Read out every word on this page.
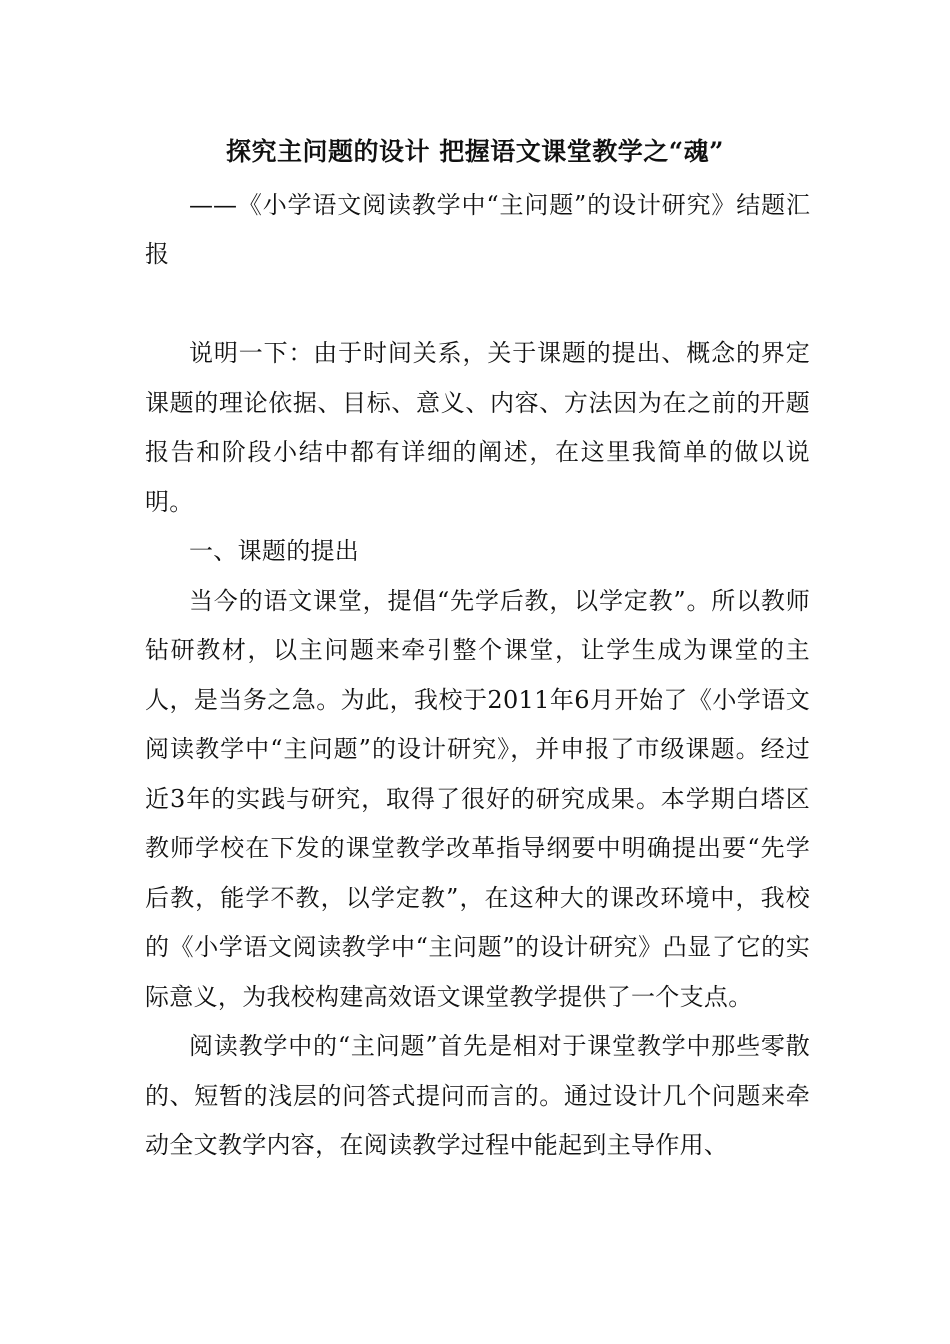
探究主问题的设计 把握语文课堂教学之“魂”
——《小学语文阅读教学中“主问题”的设计研究》结题汇报

说明一下：由于时间关系，关于课题的提出、概念的界定课题的理论依据、目标、意义、内容、方法因为在之前的开题报告和阶段小结中都有详细的阐述，在这里我简单的做以说明。

一、课题的提出

当今的语文课堂，提倡“先学后教，以学定教”。所以教师钻研教材，以主问题来牵引整个课堂，让学生成为课堂的主人，是当务之急。为此，我校于2011年6月开始了《小学语文阅读教学中“主问题”的设计研究》，并申报了市级课题。经过近3年的实践与研究，取得了很好的研究成果。本学期白塔区教师学校在下发的课堂教学改革指导纲要中明确提出要“先学后教，能学不教，以学定教”，在这种大的课改环境中，我校的《小学语文阅读教学中“主问题”的设计研究》凸显了它的实际意义，为我校构建高效语文课堂教学提供了一个支点。

阅读教学中的“主问题”首先是相对于课堂教学中那些零散的、短暂的浅层的问答式提问而言的。通过设计几个问题来牵动全文教学内容，在阅读教学过程中能起到主导作用、
